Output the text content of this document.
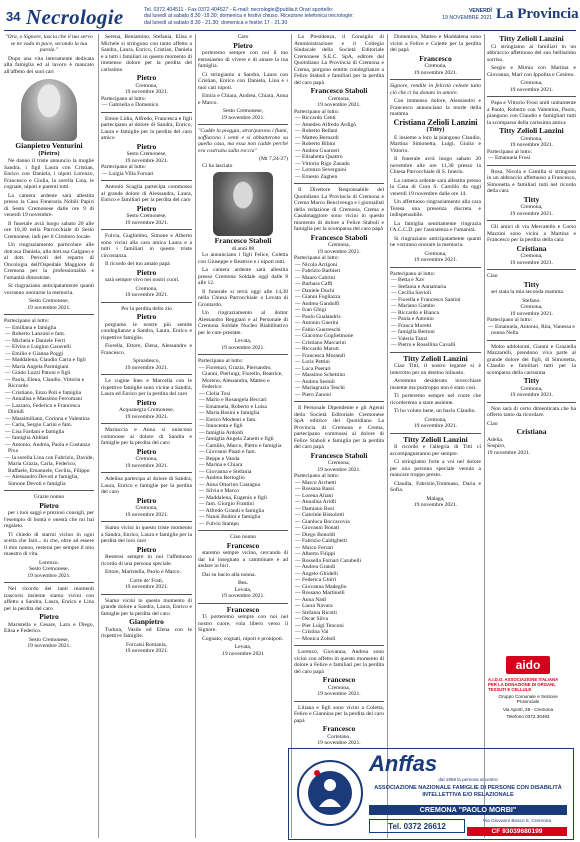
34 Necrologie	Tel. 0372.404511 - Fax 0372.404527 - E-mail: necrologie@publia.it Orari sportello:
dal lunedì al sabato 8.30 -19.30; domenica e festivi chiuso. Ricezione telefonica necrologie:
dal lunedì al sabato 8.30 - 21.30; domenica e festivi 17 - 21.30
VENERDÌ
19 NOVEMBRE 2021 La Provincia

"Ora, o Signore, lascia che il tuo servo se ne vada in pace, secondo la tua parola."

Dopo una vita interamente dedicata alla famiglia ed al lavoro è mancato all'affetto dei suoi cari

Gianpietro Venturini
(Pietro)

Ne danno il triste annuncio la moglie Sandra, i figli Laura con Cristian, Enrico con Daniela, i nipoti Lorenzo, Francesco e Giulia, la sorella Lina, le cognate, nipoti e parenti tutti.

La camera ardente sarà allestita presso la Casa Funeraria Nobili Papiri di Sesto Cremonese dalle ore 9 di venerdì 19 novembre.

Il funerale avrà luogo sabato 20 alle ore 10,30 nella Parrocchiale di Sesto Cremonese, indi per il Cimitero locale.

Un ringraziamento particolare alle dott.ssa Daniela, alla dott.ssa Galgano e al dott. Pericoli del reparto di Oncologia dell'Ospedale Maggiore di Cremona per la professionalità e l'umanità dimostrate.

Si ringraziano anticipatamente quanti vorranno onorarne la memoria.

Sesto Cremonese,
19 novembre 2021.
Partecipano al lutto:
— Emiliana e famiglia
— Roberto Lanzoni e fam.
— Michela e Daniele Ferri
— Elvira e Luigino Garavelli
— Emilio e Gianna Poggi
— Maddalena, Claudio Carra e figli
— Maria Angela Parmigiani
— Guido Luzzi Patoni e figli
— Paola, Elena, Claudio, Vittoria e Riccardo
— Cristiano, Enzo Poli e famiglia
— Annalisa e Massimo Ferromani
— Lazzaro, Federico e Francesca Dimidi
— Massimiliano, Corinna e Valentina
— Carla, Sergio Carini e fam.
— Lisa Fardani e famiglia
— famiglia Abbiati
— Antonio, Andrea, Paola e Costanza Piva
— la sorella Lina con Fabrizio, Davide, Maria Grazia, Carla, Federico, Raffaele, Emanuele, Cecilia, Filippo
— Alessandro Devoti e famiglia, Simone Devoti e famiglia
Grazie nonno
Pietro

per i tuoi saggi e preziosi consigli, per l'esempio di bontà e onestà che mi hai regalato.

Ti chiedo di starmi vicino in ogni scelta che farò... tu che, oltre ad essere il mio nonno, resterai per sempre il mio maestro di vita.

Lorenzo.
Sesto Cremonese,
19 novembre 2021.

Nel ricordo dei tanti momenti trascorsi insieme siamo vicini con affetto a Sandra, Laura, Enrico e Lina per la perdita del caro

Pietro

Maristella e Cesare, Lara e Diego, Elisa e Federico.

Sesto Cremonese,
19 novembre 2021.

Serena, Beniamino, Stefania, Elisa e Michele si stringono con tanto affetto a Sandra, Laura, Enrico, Cristian, Daniela e a tutti i familiari in questo momento di immenso dolore per la perdita del carissimo

Pietro
Cremona,
19 novembre 2021.
Partecipano al lutto:
— Gabriella e Domenico

Ettore Lidia, Alfredo, Francesca e figli partecipano al dolore di Sandra, Enrico, Laura e famiglie per la perdita del caro amico

Pietro
Sesto Cremonese,
19 novembre 2021.
Partecipano al lutto:
— Luigia Villa Fornari

Antonio Scaglia partecipa commosso al grande dolore di Alessandra, Laura, Enrico e familiari per la perdita del caro

Pietro
Sesto Cremonese,
19 novembre 2021.

Fulvia, Guglielmo, Simone e Alberto sono vicini alla cara amica Laura e a tutti i familiari in questo triste circostanza.

Il ricordo del tuo amato papà

Pietro

sarà sempre vivo nei nostri cuori.

Cremona,
19 novembre 2021.

Per la perdita dello zio

Pietro

porgiamo le nostre più sentite condoglianze a Sandra, Laura, Enrico e rispettive famiglie.

Fiorella, Ettore, Elena, Alessandro e Francesco.

Spinadesco,
19 novembre 2021.

Le cugine Ines e Marcella con le rispettive famiglie sono vicine a Sandra, Laura ed Enrico per la perdita del caro

Pietro
Acquanegra Cremonese,
19 novembre 2021.

Mariuccia e Anna si uniscono commosse al dolore di Sandra e famiglie per la perdita del caro

Pietro
Cremona,
19 novembre 2021.

Adelina partecipa al dolore di Sandra, Laura, Enrico e famiglie per la perdita del caro

Pietro
Cremona,
19 novembre 2021.

Siamo vicini in questo triste momento a Sandra, Enrico, Laura e famiglie per la perdita del loro caro

Pietro

Resterai sempre in noi l'affettuoso ricordo di una persona speciale.

Ettore, Maristella, Paolo e Marco.

Corte de' Frati,
19 novembre 2021.

Siamo vicini in questo momento di grande dolore a Sandra, Laura, Enrico e famiglie per la perdita del caro

Gianpietro

Tudora, Vasile ed Elena con le rispettive famiglie.

Forcaisi Romania,
19 novembre 2021.
Caro
Pietro

porteremo sempre con noi il tuo entusiasmo di vivere e di amare la tua famiglia.

Ci stringiamo a Sandra, Laura con Cristian, Enrico con Daniela, Lina e i tuoi cari nipoti.

Emira e Chiara, Andrea, Chiara, Anna e Marco.

Sesto Cremonese,
19 novembre 2021.

"Cadde la pioggia, strariparono i fiumi, soffiarono i venti e si abbatterono su quella casa, ma essa non cadde perché era costruita sulla roccia"

(Mt 7,24-27)

Ci ha lasciato

Francesco Staboli
di anni 88

Lo annunciano i figli Felice, Coletta con Giuseppe e Beatrice e i nipoti tutti.

La camera ardente sarà allestita presso Cremona Soldale oggi dalle 8 alle 12.

Il funerale si terrà oggi alle 14,30 nella Chiesa Parrocchiale a Levata di Grontardo.

Un ringraziamento al dottor Alessandro Reggiani e al Personale di Cremona Soldale Nucleo Riabilitativo per le cure prestate.

Levata,
19 novembre 2021.
Partecipano al lutto:
— Fiorenzo, Grazia, Piersandro, Gianni, Pierluigi, Fiorello, Beatrice, Moreno, Alessandra, Matteo e Federico
— Clelia Tosi
— Mario e Rosangela Beccari
— Emanuela, Roberto e Luisa
— Maria Rosini e famiglia
— Enrico Modenti e fam.
— Innocenta e figli
— famiglia Ardoldi
— famiglia Angela Zanetti e figli
— Camillo, Marco, Pietro e famiglia
— Giovanni Pisati e fam.
— Beppe e Vanda
— Marina e Chiara
— Giovanna e Stefania
— Andrea Bertoglio
— Anna Ottorino Castagna
— Silvia e Marco
— Maddalena, Eugenio e figli
— fam. Giorgio Frantini
— Alfredo Grandi e famiglia
— Nanni Bodini e famiglia
— Fulvio Stampo
Ciao nonno
Francesco

staremo sempre vicino, cercando di dar lui insegnato a camminare e ad andare in bici.

Dai su bacio alla nonna.

Bea.
Levata,
19 novembre 2021.
Francesco

Ti porteremo sempre con noi nel nostro cuore, vola libero verso il Signore.

Cognato, cognati, nipoti e pronipoti.

Levata,
19 novembre 2021

La Presidenza, il Consiglio di Amministrazione e il Collegio Sindacale della Società Editoriale Cremonese S.E.C. SpA, editore del Quotidiano La Provincia di Cremona e Crema, porgono sentite condoglianze a Felice Staboli e familiari per la perdita del caro papà

Francesco Staboli
Cremona,
19 novembre 2021.
Partecipano al lutto:
— Riccardo Centi
— Amedeo Alfredo Ardigò
— Roberto Bellani
— Matteo Bernardi
— Roberto Bibini
— Andrea Guarneri
— Elisabetta Quattro
— Vittorio Rigo Zanado
— Lorenzo Severgnini
— Ernesto Zaghen

Il Direttore Responsabile del Quotidiano La Provincia di Cremona e Crema Marco Bencivenga e i giornalisti della redazione di Cremona, Crema e Casalmaggiore sono vicini in questo momento di dolore a Felice Staboli e famiglia per la scomparsa del caro papà

Francesco Staboli
Cremona,
19 novembre 2021.
Partecipano al lutto:
— Nicola Arrigoni
— Fabrizio Barbieri
— Mauro Cabrini
— Barbara Caffi
— Daniele Duchi
— Gianni Fogliazza
— Andrea Gandolfi
— Ivan Ghigi
— Paolo Gualandris
— Antonio Guerini
— Fabio Guerreschi
— Giacomo Guglielmone
— Cristiano Marcarini
— Riccardo Maruti
— Francesca Morandi
— Loris Pettini
— Luca Puerari
— Massimo Schettino
— Andrea Sestuli
— Mariagrazia Teschi
— Piero Zanoni

Il Personale Dipendente e gli Agenti della Società Editoriale Cremonese SpA editrice del Quotidiano La Provincia di Cremona e Crema, partecipano commossi al dolore di Felice Staboli e famiglia per la perdita del caro papà

Francesco Staboli
Cremona,
19 novembre 2021.
Partecipano al lutto:
— Marco Archetti
— Rossana Bassi
— Lorena Aliani
— Annalisa Aridli
— Damiano Bosi
— Gabriele Bissolotti
— Gianluca Boccacovia
— Giovanni Bonati
— Diego Bonoldi
— Fabrizio Caldighetti
— Marco Ferrari
— Alberto Filippi
— Rossella Fornari Carubelli
— Andrea Grandi
— Angelo Ghidelli
— Federica Ghirri
— Giovanna Madeglio
— Rossano Martinelli
— Anna Nadi
— Laura Navara
— Stefania Ricotti
— Oscar Silva
— Pier Luigi Tenconi
— Cristina Vai
— Monica Zoboli

Lorenzo, Giovanna, Andrea sono vicini con affetto in questo momento di dolore a Felice e familiari per la perdita del caro papà

Francesco
Cremona,
19 novembre 2021.

Liliana e figli sono vicini a Coletta, Felice e Giannina per la perdita del caro papà

Francesco
Cortetano,
19 novembre 2021.

Domenico, Matteo e Maddalena sono vicini a Felice e Colette per la perdita del papà

Francesco
Cremona,
19 novembre 2021.

Signore, rendile in felicità celeste tutto ciò che ci ha donato in amore.

Con immenso dolore, Alessandro e Francesco annunciano la morte della mamma

Cristiana Zelioli Lanzini
(Titty)

E insieme a loro la piangono Claudio, Martina Simonetta, Luigi, Giulia e Vittorio.

Il funerale avrà luogo sabato 20 novembre alle ore 11,30 presso la Chiesa Parrocchiale di S. Imerio.

La camera ardente sarà allestita presso la Casa di Cura S. Camillo da oggi venerdì 19 novembre dalle ore 14.

Un affettuoso ringraziamento alla cara Teresa una presenza discreta e indispensabile.

La famiglia sentitamente ringrazia l'A.C.C.D. per l'assistenza e l'umanità.

Si ringraziano anticipatamente quanti ne vorranno onorare la memoria.

Cremona,
19 novembre 2021.
Partecipano al lutto:
— Betta e Xav
— Stefania e Annamaria
— Cecilia Savioli
— Fiorella e Francesco Santini
— Mariano Gambo
— Riccardo e Bianca
— Paola e Antonio
— Franca Moretti
— famiglia Bertoni
— Valeria Tanzi
— Pietro e Rosellina Cavalli
Titty Zelioli Lanzini

Ciao Titti, il nostro legame si è interrotto per un destino infausto.

Avremmo desiderato invecchiare insieme ma purtroppo non è stato così.

Ti porteremo sempre nel cuore che ricorderemo a stare assieme.

Ti ho voluto bene, un bacio Claudio.

Cremona,
19 novembre 2021.
Titty Zelioli Lanzini

Il ricordo e l'allegria di Titti ci accompagneranno per sempre.

Ci stringiamo forte a voi nel dolore per una persona speciale venuta a mancare troppo presto.

Claudia, Fabrizio,Tommaso, Daria e Sofia.

Malaga,
19 novembre 2021.
Titty Zelioli Lanzini

Ci stringiamo ai familiari in un abbraccio affettuoso del suo bellissimo sorriso.

Sergio e Mimia con Martina e Giovanna, Mari con Ippolita e Cosimo.

Cremona,
19 novembre 2021.

Papa e Vittorio Frosi uniti unitamente a Paolo, Roberto con Valentina, Paolo, piangono con Claudio e famigliari tutti la scomparsa della carissima amica

Titty Zelioli Lanzini
Cremona,
19 novembre 2021.
Partecipano al lutto:
— Emanuela Frosi

Rosa, Nicola e Camilla si stringono in un abbraccio affettuoso a Francesco, Simonetta e familiari tutti nel ricordo della cara

Titty
Cremona,
19 novembre 2021.

Gli amici di via Mercatello e Corso Mazzini sono vicini a Martina e Francesco per la perdita della cara

Cristiana
Cremona,
19 novembre 2021.
Ciao
Titty

sei stata la mia seconda mamma.

Stefano.
Cremona,
19 novembre 2021.
Partecipano al lutto:
— Emanuela, Antonio, Rita, Vanessa e nonna Nella

Molto addolorati, Gianni e Graziella Mazzarelli, prendono viva parte al grande dolore dei figli, di Simonetta, Claudio e familiari tutti per la scomparsa della carissima

Titty
Cremona,
19 novembre 2021.

Non sarà di certo dimenticata che ha offerto tanto da ricordare.

Ciao
Cristiana
Adelia.
Sospiro,
19 novembre 2021.
aido
A.I.D.O. ASSOCIAZIONE ITALIANA PER LA DONAZIONE DI ORGANI, TESSUTI E CELLULE
Gruppo Comunale e Sezione Provinciale
Via Aporti, 28 - Cremona
Telefono 0372.30493
Anffas
dal 1958 la persona al centro
ASSOCIAZIONE NAZIONALE FAMIGLIE DI PERSONE CON DISABILITÀ INTELLETTIVA E/O RELAZIONALE
CREMONA "PAOLO MORBI"
Tel. 0372 26612
Via Giovanni Bosco 5, Cremona
CF 93039680199
